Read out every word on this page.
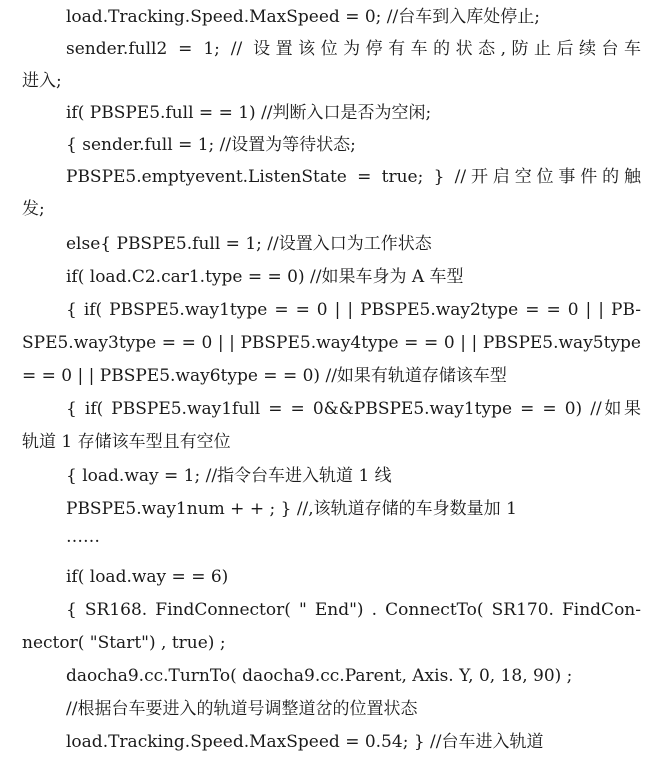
load.Tracking.Speed.MaxSpeed = 0; //台车到入库处停止;
sender.full2 = 1; // 设置该位为停有车的状态,防止后续台车
进入;
if( PBSPE5.full = = 1) //判断入口是否为空闲;
{ sender.full = 1; //设置为等待状态;
PBSPE5.emptyevent.ListenState = true; } //开启空位事件的触
发;
else{ PBSPE5.full = 1; //设置入口为工作状态
if( load.C2.car1.type = = 0) //如果车身为 A 车型
{ if( PBSPE5.way1type = = 0 | | PBSPE5.way2type = = 0 | | PB-
SPE5.way3type = = 0 | | PBSPE5.way4type = = 0 | | PBSPE5.way5type
= = 0 | | PBSPE5.way6type = = 0) //如果有轨道存储该车型
{ if( PBSPE5.way1full = = 0&&PBSPE5.way1type = = 0) //如果
轨道 1 存储该车型且有空位
{ load.way = 1; //指令台车进入轨道 1 线
PBSPE5.way1num + + ; } //,该轨道存储的车身数量加 1
……
if( load.way = = 6)
{ SR168. FindConnector( " End") . ConnectTo( SR170. FindCon-
nector( "Start") , true) ;
daocha9.cc.TurnTo( daocha9.cc.Parent, Axis. Y, 0, 18, 90) ;
//根据台车要进入的轨道号调整道岔的位置状态
load.Tracking.Speed.MaxSpeed = 0.54; } //台车进入轨道
